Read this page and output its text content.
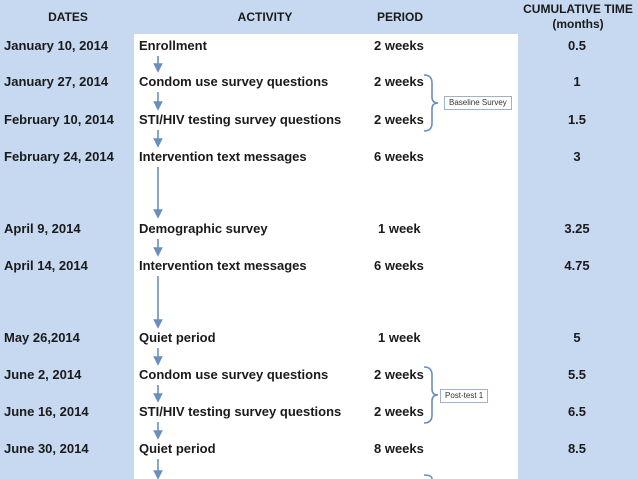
DATES	ACTIVITY	PERIOD
CUMULATIVE TIME
(months)
January 10, 2014 Enrollment	2 weeks	0.5
January 27, 2014 Condom use survey questions	2 weeks	1
February 10, 2014 STI/HIV testing survey questions	2 weeks	1.5
February 24, 2014 Intervention text messages	6 weeks	3
April 9, 2014	Demographic survey	1 week	3.25
April 14, 2014	Intervention text messages	6 weeks	4.75
May 26,2014	Quiet period	1 week	5
June 2, 2014	Condom use survey questions	2 weeks	5.5
June 16, 2014	STI/HIV testing survey questions	2 weeks	6.5
June 30, 2014	Quiet period	8 weeks	8.5
Baseline Survey
Post-test 1
